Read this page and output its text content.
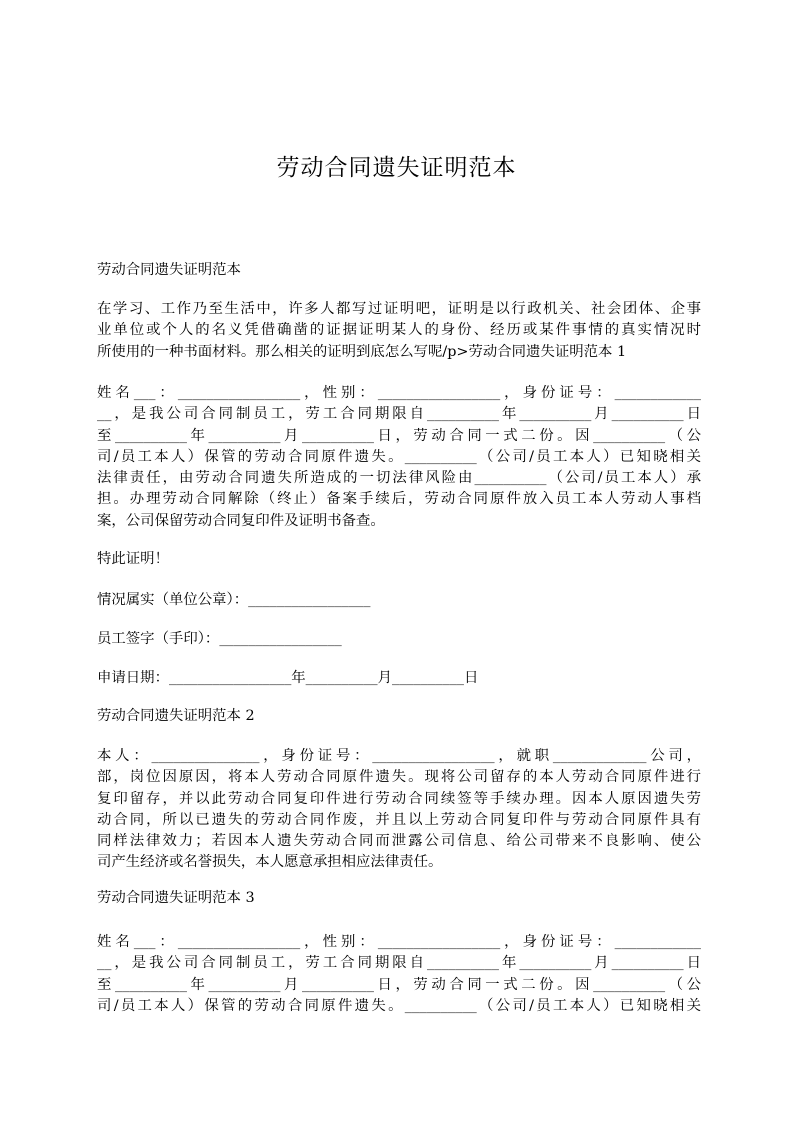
劳动合同遗失证明范本

劳动合同遗失证明范本

在学习、工作乃至生活中，许多人都写过证明吧，证明是以行政机关、社会团体、企事
业单位或个人的名义凭借确凿的证据证明某人的身份、经历或某件事情的真实情况时
所使用的一种书面材料。那么相关的证明到底怎么写呢/p>劳动合同遗失证明范本 1
姓名___：_________________，性别：_________________，身份证号：____________
__，是我公司合同制员工，劳工合同期限自__________年__________月__________日
至__________年__________月__________日，劳动合同一式二份。因__________（公
司/员工本人）保管的劳动合同原件遗失。__________（公司/员工本人）已知晓相关
法律责任，由劳动合同遗失所造成的一切法律风险由__________（公司/员工本人）承
担。办理劳动合同解除（终止）备案手续后，劳动合同原件放入员工本人劳动人事档
案，公司保留劳动合同复印件及证明书备查。

特此证明！

情况属实（单位公章）：_________________

员工签字（手印）：_________________

申请日期：_________________年__________月__________日

劳动合同遗失证明范本 2

本人：_______________，身份证号：_________________，就职_____________公司，
部，岗位因原因，将本人劳动合同原件遗失。现将公司留存的本人劳动合同原件进行
复印留存，并以此劳动合同复印件进行劳动合同续签等手续办理。因本人原因遗失劳
动合同，所以已遗失的劳动合同作废，并且以上劳动合同复印件与劳动合同原件具有
同样法律效力；若因本人遗失劳动合同而泄露公司信息、给公司带来不良影响、使公
司产生经济或名誉损失，本人愿意承担相应法律责任。

劳动合同遗失证明范本 3

姓名___：_________________，性别：_________________，身份证号：____________
__，是我公司合同制员工，劳工合同期限自__________年__________月__________日
至__________年__________月__________日，劳动合同一式二份。因__________（公
司/员工本人）保管的劳动合同原件遗失。__________（公司/员工本人）已知晓相关
